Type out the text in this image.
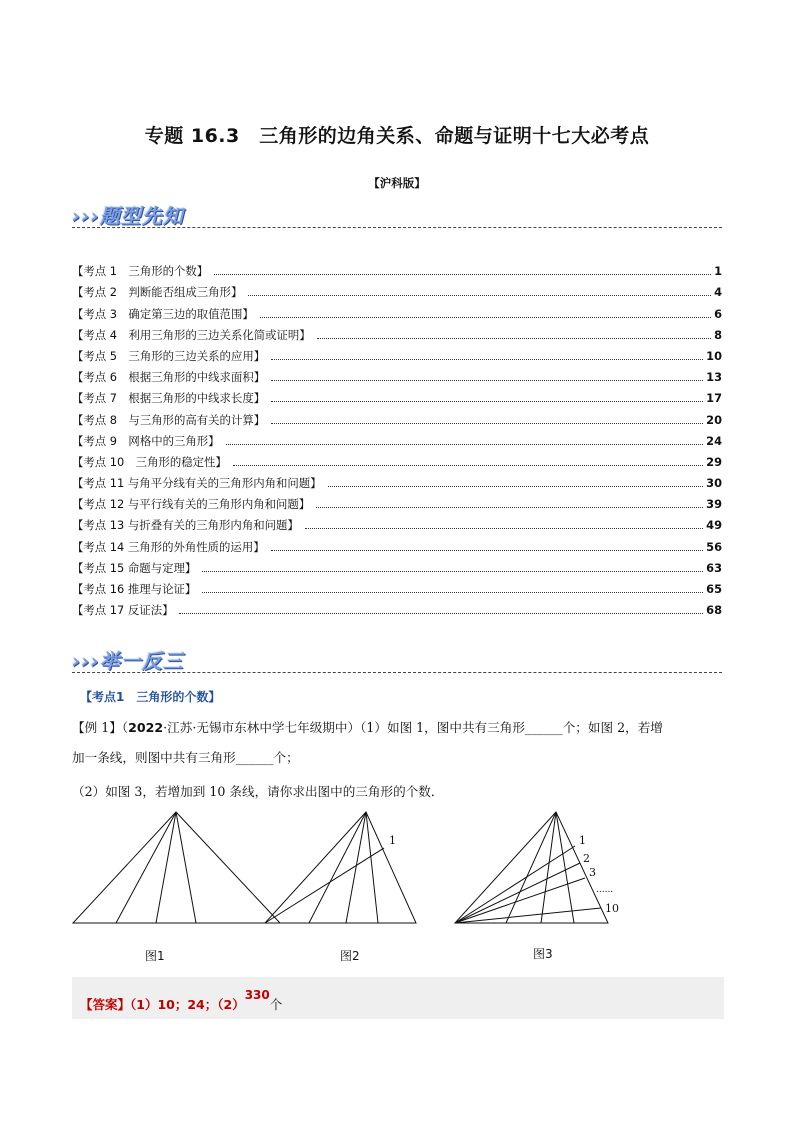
专题 16.3　三角形的边角关系、命题与证明十七大必考点
【沪科版】
›››题型先知
【考点 1　三角形的个数】	1
【考点 2　判断能否组成三角形】	4
【考点 3　确定第三边的取值范围】	6
【考点 4　利用三角形的三边关系化简或证明】	8
【考点 5　三角形的三边关系的应用】	10
【考点 6　根据三角形的中线求面积】	13
【考点 7　根据三角形的中线求长度】	17
【考点 8　与三角形的高有关的计算】	20
【考点 9　网格中的三角形】	24
【考点 10　三角形的稳定性】	29
【考点 11 与角平分线有关的三角形内角和问题】	30
【考点 12 与平行线有关的三角形内角和问题】	39
【考点 13 与折叠有关的三角形内角和问题】	49
【考点 14 三角形的外角性质的运用】	56
【考点 15 命题与定理】	63
【考点 16 推理与论证】	65
【考点 17 反证法】	68
›››举一反三
【考点1　三角形的个数】
【例 1】（2022·江苏·无锡市东林中学七年级期中）（1）如图 1，图中共有三角形______个；如图 2，若增
加一条线，则图中共有三角形______个；
（2）如图 3，若增加到 10 条线，请你求出图中的三角形的个数．
1	1
2
3
......
10
图1	图2	图3
【答案】（1）10；24；（2）330个
